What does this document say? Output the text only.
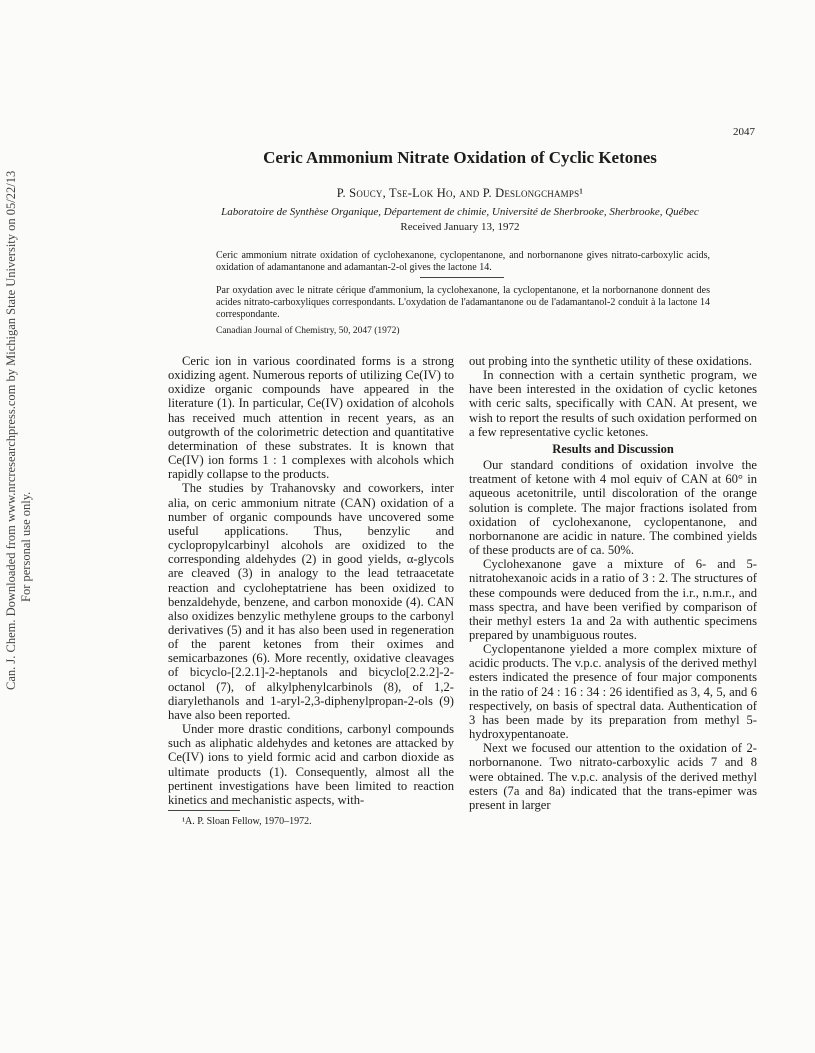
2047
Can. J. Chem. Downloaded from www.nrcresearchpress.com by Michigan State University on 05/22/13 For personal use only.
Ceric Ammonium Nitrate Oxidation of Cyclic Ketones
P. Soucy, Tse-Lok Ho, and P. Deslongchamps¹
Laboratoire de Synthèse Organique, Département de chimie, Université de Sherbrooke, Sherbrooke, Québec
Received January 13, 1972
Ceric ammonium nitrate oxidation of cyclohexanone, cyclopentanone, and norbornanone gives nitrato-carboxylic acids, oxidation of adamantanone and adamantan-2-ol gives the lactone 14.
Par oxydation avec le nitrate cérique d'ammonium, la cyclohexanone, la cyclopentanone, et la norbornanone donnent des acides nitrato-carboxyliques correspondants. L'oxydation de l'adamantanone ou de l'adamantanol-2 conduit à la lactone 14 correspondante.
Canadian Journal of Chemistry, 50, 2047 (1972)

Ceric ion in various coordinated forms is a strong oxidizing agent. Numerous reports of utilizing Ce(IV) to oxidize organic compounds have appeared in the literature (1). In particular, Ce(IV) oxidation of alcohols has received much attention in recent years, as an outgrowth of the colorimetric detection and quantitative determination of these substrates. It is known that Ce(IV) ion forms 1 : 1 complexes with alcohols which rapidly collapse to the products.

The studies by Trahanovsky and coworkers, inter alia, on ceric ammonium nitrate (CAN) oxidation of a number of organic compounds have uncovered some useful applications. Thus, benzylic and cyclopropylcarbinyl alcohols are oxidized to the corresponding aldehydes (2) in good yields, α-glycols are cleaved (3) in analogy to the lead tetraacetate reaction and cycloheptatriene has been oxidized to benzaldehyde, benzene, and carbon monoxide (4). CAN also oxidizes benzylic methylene groups to the carbonyl derivatives (5) and it has also been used in regeneration of the parent ketones from their oximes and semicarbazones (6). More recently, oxidative cleavages of bicyclo-[2.2.1]-2-heptanols and bicyclo[2.2.2]-2-octanol (7), of alkylphenylcarbinols (8), of 1,2-diarylethanols and 1-aryl-2,3-diphenylpropan-2-ols (9) have also been reported.

Under more drastic conditions, carbonyl compounds such as aliphatic aldehydes and ketones are attacked by Ce(IV) ions to yield formic acid and carbon dioxide as ultimate products (1). Consequently, almost all the pertinent investigations have been limited to reaction kinetics and mechanistic aspects, with-

¹A. P. Sloan Fellow, 1970–1972.

out probing into the synthetic utility of these oxidations.

In connection with a certain synthetic program, we have been interested in the oxidation of cyclic ketones with ceric salts, specifically with CAN. At present, we wish to report the results of such oxidation performed on a few representative cyclic ketones.

Results and Discussion

Our standard conditions of oxidation involve the treatment of ketone with 4 mol equiv of CAN at 60° in aqueous acetonitrile, until discoloration of the orange solution is complete. The major fractions isolated from oxidation of cyclohexanone, cyclopentanone, and norbornanone are acidic in nature. The combined yields of these products are of ca. 50%.

Cyclohexanone gave a mixture of 6- and 5-nitratohexanoic acids in a ratio of 3 : 2. The structures of these compounds were deduced from the i.r., n.m.r., and mass spectra, and have been verified by comparison of their methyl esters 1a and 2a with authentic specimens prepared by unambiguous routes.

Cyclopentanone yielded a more complex mixture of acidic products. The v.p.c. analysis of the derived methyl esters indicated the presence of four major components in the ratio of 24 : 16 : 34 : 26 identified as 3, 4, 5, and 6 respectively, on basis of spectral data. Authentication of 3 has been made by its preparation from methyl 5-hydroxypentanoate.

Next we focused our attention to the oxidation of 2-norbornanone. Two nitrato-carboxylic acids 7 and 8 were obtained. The v.p.c. analysis of the derived methyl esters (7a and 8a) indicated that the trans-epimer was present in larger
